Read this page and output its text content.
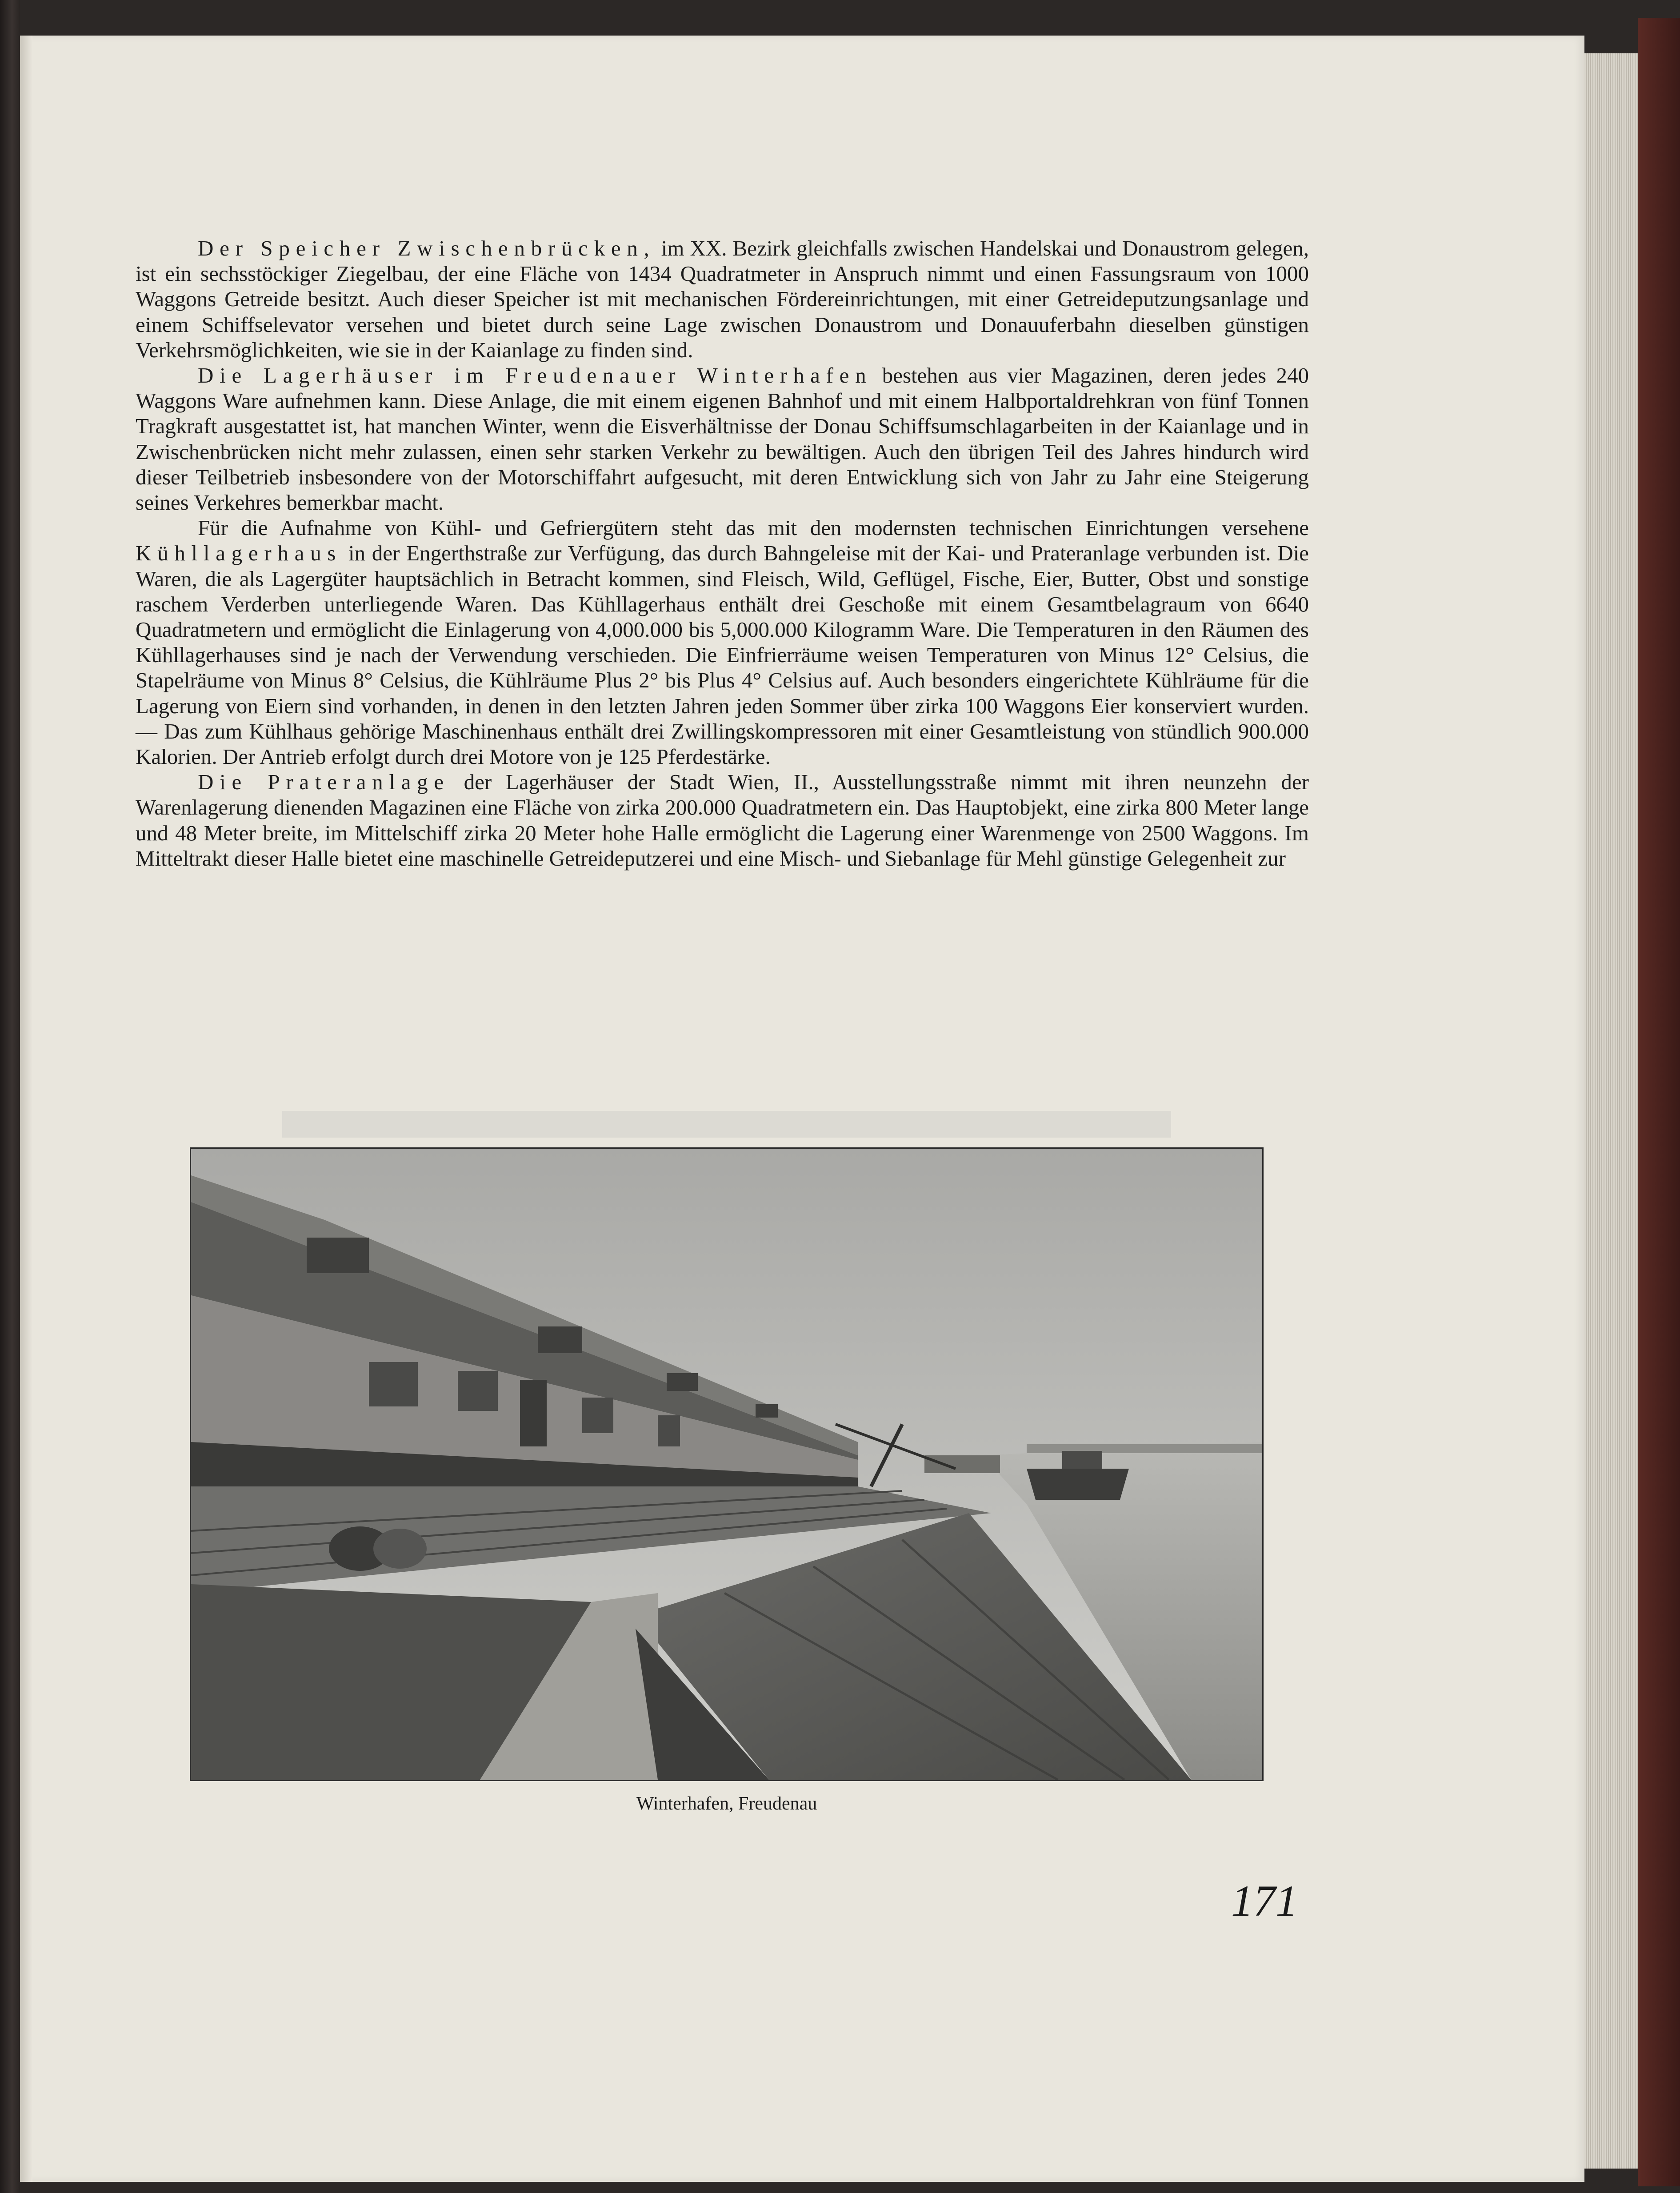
Der Speicher Zwischenbrücken, im XX. Bezirk gleichfalls zwischen Handelskai und Donaustrom gelegen, ist ein sechsstöckiger Ziegelbau, der eine Fläche von 1434 Quadratmeter in Anspruch nimmt und einen Fassungsraum von 1000 Waggons Getreide besitzt. Auch dieser Speicher ist mit mechanischen Fördereinrichtungen, mit einer Getreideputzungsanlage und einem Schiffselevator versehen und bietet durch seine Lage zwischen Donaustrom und Donauuferbahn dieselben günstigen Verkehrsmöglichkeiten, wie sie in der Kaianlage zu finden sind.

Die Lagerhäuser im Freudenauer Winterhafen bestehen aus vier Magazinen, deren jedes 240 Waggons Ware aufnehmen kann. Diese Anlage, die mit einem eigenen Bahnhof und mit einem Halbportaldrehkran von fünf Tonnen Tragkraft ausgestattet ist, hat manchen Winter, wenn die Eisverhältnisse der Donau Schiffsumschlagarbeiten in der Kaianlage und in Zwischenbrücken nicht mehr zulassen, einen sehr starken Verkehr zu bewältigen. Auch den übrigen Teil des Jahres hindurch wird dieser Teilbetrieb insbesondere von der Motorschiffahrt aufgesucht, mit deren Entwicklung sich von Jahr zu Jahr eine Steigerung seines Verkehres bemerkbar macht.

Für die Aufnahme von Kühl- und Gefriergütern steht das mit den modernsten technischen Einrichtungen versehene Kühllagerhaus in der Engerthstraße zur Verfügung, das durch Bahngeleise mit der Kai- und Prateranlage verbunden ist. Die Waren, die als Lagergüter hauptsächlich in Betracht kommen, sind Fleisch, Wild, Geflügel, Fische, Eier, Butter, Obst und sonstige raschem Verderben unterliegende Waren. Das Kühllagerhaus enthält drei Geschoße mit einem Gesamtbelagraum von 6640 Quadratmetern und ermöglicht die Einlagerung von 4,000.000 bis 5,000.000 Kilogramm Ware. Die Temperaturen in den Räumen des Kühllagerhauses sind je nach der Verwendung verschieden. Die Einfrierräume weisen Temperaturen von Minus 12° Celsius, die Stapelräume von Minus 8° Celsius, die Kühlräume Plus 2° bis Plus 4° Celsius auf. Auch besonders eingerichtete Kühlräume für die Lagerung von Eiern sind vorhanden, in denen in den letzten Jahren jeden Sommer über zirka 100 Waggons Eier konserviert wurden. — Das zum Kühlhaus gehörige Maschinenhaus enthält drei Zwillingskompressoren mit einer Gesamtleistung von stündlich 900.000 Kalorien. Der Antrieb erfolgt durch drei Motore von je 125 Pferdestärke.

Die Prateranlage der Lagerhäuser der Stadt Wien, II., Ausstellungsstraße nimmt mit ihren neunzehn der Warenlagerung dienenden Magazinen eine Fläche von zirka 200.000 Quadratmetern ein. Das Hauptobjekt, eine zirka 800 Meter lange und 48 Meter breite, im Mittelschiff zirka 20 Meter hohe Halle ermöglicht die Lagerung einer Warenmenge von 2500 Waggons. Im Mitteltrakt dieser Halle bietet eine maschinelle Getreideputzerei und eine Misch- und Siebanlage für Mehl günstige Gelegenheit zur

Winterhafen, Freudenau
171
